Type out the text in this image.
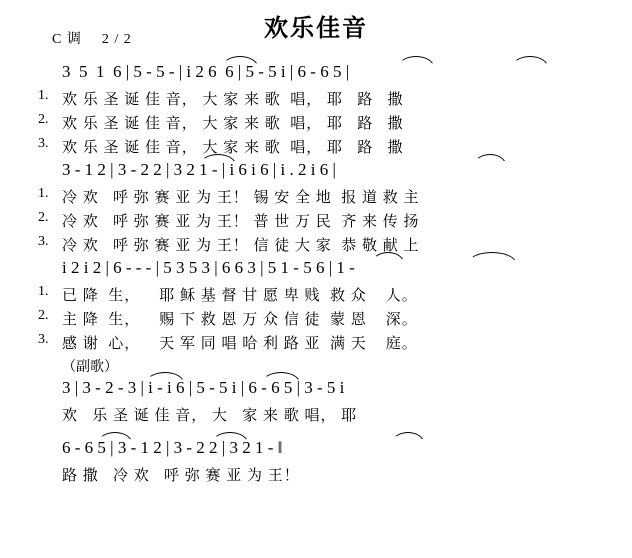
欢乐佳音
C 调 2 / 2

3  5  1  6 | 5 - 5 - | i 2 6  6 | 5 - 5 i | 6 - 6 5 |

1.

欢 乐 圣 诞 佳 音， 大 家 来 歌  唱， 耶   路   撒

2.

欢 乐 圣 诞 佳 音， 大 家 来 歌  唱， 耶   路   撒

3.

欢 乐 圣 诞 佳 音， 大 家 来 歌  唱， 耶   路   撒

3 - 1 2 | 3 - 2 2 | 3 2 1 - | i 6 i 6 | i . 2 i 6 |

1.

冷 欢   呼 弥 赛 亚 为 王！ 锡 安 全 地  报 道 救 主

2.

冷 欢   呼 弥 赛 亚 为 王！ 普 世 万 民  齐 来 传 扬

3.

冷 欢   呼 弥 赛 亚 为 王！ 信 徒 大 家  恭 敬 献 上

i 2 i 2 | 6 - - - | 5 3 5 3 | 6 6 3 | 5 1 - 5 6 | 1 -

1.

已 降  生，    耶 稣 基 督 甘 愿 卑 贱  救 众    人。

2.

主 降  生，    赐 下 救 恩 万 众 信 徒  蒙 恩    深。

3.

感 谢  心，    天 军 同 唱 哈 利 路 亚  满 天    庭。

（副歌）

3 | 3 - 2 - 3 | i - i 6 | 5 - 5 i | 6 - 6 5 | 3 - 5 i

欢   乐 圣 诞 佳 音， 大   家 来 歌 唱， 耶

6 - 6 5 | 3 - 1 2 | 3 - 2 2 | 3 2 1 - ‖

路 撒   冷 欢   呼 弥 赛 亚 为 王！
